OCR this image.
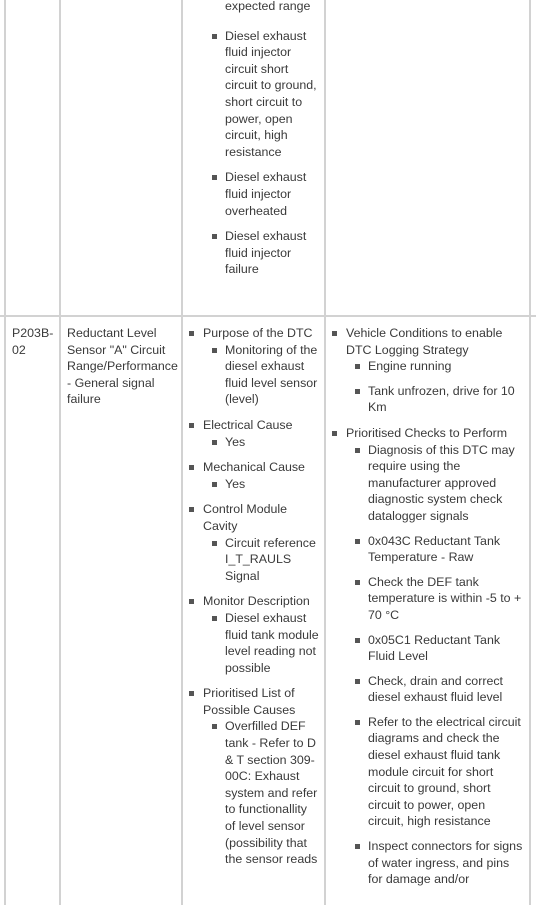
expected range
Diesel exhaust fluid injector circuit short circuit to ground, short circuit to power, open circuit, high resistance
Diesel exhaust fluid injector overheated
Diesel exhaust fluid injector failure
P203B-02
Reductant Level Sensor "A" Circuit Range/Performance - General signal failure
Purpose of the DTC
Monitoring of the diesel exhaust fluid level sensor (level)
Electrical Cause
Yes
Mechanical Cause
Yes
Control Module Cavity
Circuit reference I_T_RAULS Signal
Monitor Description
Diesel exhaust fluid tank module level reading not possible
Prioritised List of Possible Causes
Overfilled DEF tank - Refer to D & T section 309-00C: Exhaust system and refer to functionallity of level sensor (possibility that the sensor reads
Vehicle Conditions to enable DTC Logging Strategy
Engine running
Tank unfrozen, drive for 10 Km
Prioritised Checks to Perform
Diagnosis of this DTC may require using the manufacturer approved diagnostic system check datalogger signals
0x043C Reductant Tank Temperature - Raw
Check the DEF tank temperature is within -5 to + 70 °C
0x05C1 Reductant Tank Fluid Level
Check, drain and correct diesel exhaust fluid level
Refer to the electrical circuit diagrams and check the diesel exhaust fluid tank module circuit for short circuit to ground, short circuit to power, open circuit, high resistance
Inspect connectors for signs of water ingress, and pins for damage and/or
